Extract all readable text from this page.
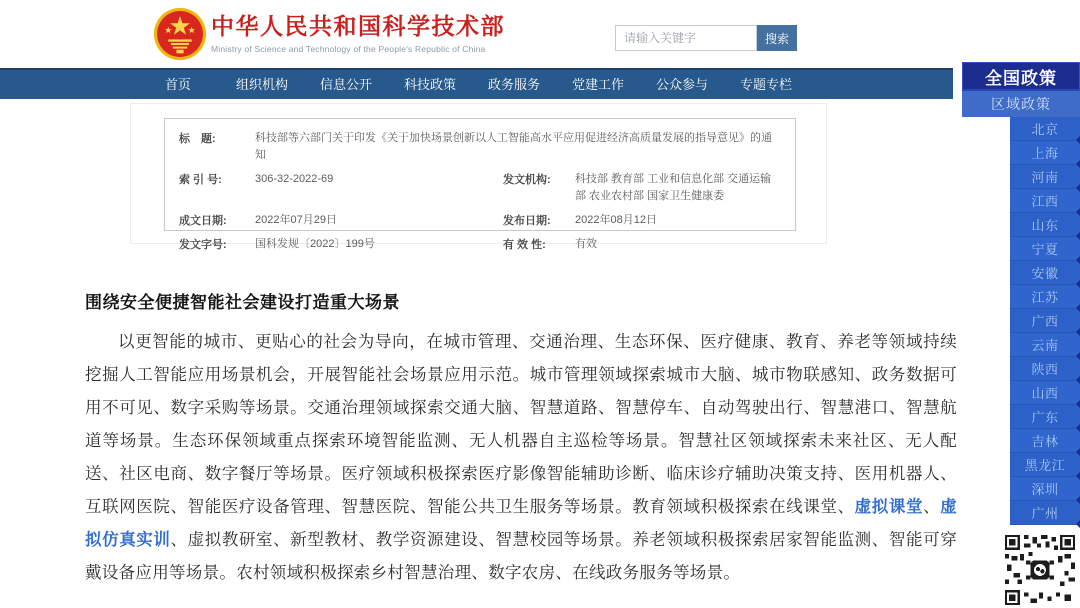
中华人民共和国科学技术部
Ministry of Science and Technology of the People's Republic of China
请输入关键字
搜索
首页	组织机构	信息公开	科技政策	政务服务	党建工作	公众参与	专题专栏	全国政策
区域政策
北京
上海
河南
江西
山东
宁夏
安徽
江苏
广西
云南
陕西
山西
广东
吉林
黑龙江
深圳
广州
标　题:	科技部等六部门关于印发《关于加快场景创新以人工智能高水平应用促进经济高质量发展的指导意见》的通知
索 引 号:	306-32-2022-69	发文机构:	科技部 教育部 工业和信息化部 交通运输部 农业农村部 国家卫生健康委
成文日期:	2022年07月29日	发布日期:	2022年08月12日
发文字号:	国科发规〔2022〕199号	有 效 性:	有效
围绕安全便捷智能社会建设打造重大场景

以更智能的城市、更贴心的社会为导向，在城市管理、交通治理、生态环保、医疗健康、教育、养老等领域持续挖掘人工智能应用场景机会，开展智能社会场景应用示范。城市管理领域探索城市大脑、城市物联感知、政务数据可用不可见、数字采购等场景。交通治理领域探索交通大脑、智慧道路、智慧停车、自动驾驶出行、智慧港口、智慧航道等场景。生态环保领域重点探索环境智能监测、无人机器自主巡检等场景。智慧社区领域探索未来社区、无人配送、社区电商、数字餐厅等场景。医疗领域积极探索医疗影像智能辅助诊断、临床诊疗辅助决策支持、医用机器人、互联网医院、智能医疗设备管理、智慧医院、智能公共卫生服务等场景。教育领域积极探索在线课堂、虚拟课堂、虚拟仿真实训、虚拟教研室、新型教材、教学资源建设、智慧校园等场景。养老领域积极探索居家智能监测、智能可穿戴设备应用等场景。农村领域积极探索乡村智慧治理、数字农房、在线政务服务等场景。
